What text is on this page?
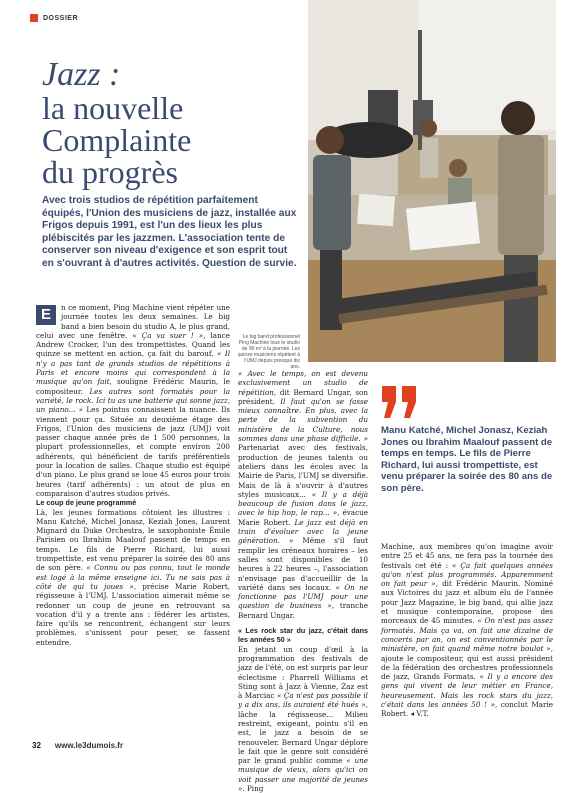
DOSSIER
Jazz :
la nouvelle
Complainte
du progrès
Avec trois studios de répétition parfaitement équipés, l'Union des musiciens de jazz, installée aux Frigos depuis 1991, est l'un des lieux les plus plébiscités par les jazzmen. L'association tente de conserver son niveau d'exigence et son esprit tout en s'ouvrant à d'autres activités. Question de survie.
Le big band professionnel Ping Machine loue le studio de 90 m² à la journée. Les quinze musiciens répètent à l'UMJ depuis presque dix ans.
E	n ce moment, Ping Machine vient répéter une journée toutes les deux semaines. Le big band a bien besoin du studio A, le plus grand, celui avec une fenêtre. « Ça va suer ! », lance Andrew Crocker, l'un des trompettistes. Quand les quinze se mettent en action, ça fait du barouf. « Il n'y a pas tant de grands studios de répétitions à Paris et encore moins qui correspondent à la musique qu'on fait, souligne Frédéric Maurin, le compositeur. Les autres sont formatés pour la variété, le rock. Ici tu as une batterie qui sonne jazz, un piano... » Les pointus connaissent la nuance. Ils viennent pour ça. Située au deuxième étage des Frigos, l'Union des musiciens de jazz (UMJ) voit passer chaque année près de 1 500 personnes, la plupart professionnelles, et compte environ 200 adhérents, qui bénéficient de tarifs préférentiels pour la location de salles. Chaque studio est équipé d'un piano. Le plus grand se loue 45 euros pour trois heures (tarif adhérents) : un atout de plus en comparaison d'autres studios privés.

Le coup de jeune programmé

Là, les jeunes formations côtoient les illustres : Manu Katché, Michel Jonasz, Keziah Jones, Laurent Mignard du Duke Orchestra, le saxophoniste Émile Parisien ou Ibrahim Maalouf passent de temps en temps. Le fils de Pierre Richard, lui aussi trompettiste, est venu préparer la soirée des 80 ans de son père. « Connu ou pas connu, tout le monde est logé à la même enseigne ici. Tu ne sais pas à côté de qui tu joues », précise Marie Robert, régisseuse à l'UMJ. L'association aimerait même se redonner un coup de jeune en retrouvant sa vocation d'il y a trente ans : fédérer les artistes, faire qu'ils se rencontrent, échangent sur leurs problèmes, s'unissent pour peser, se fassent entendre.

« Avec le temps, on est devenu exclusivement un studio de répétition, dit Bernard Ungar, son président. Il faut qu'on se fasse mieux connaître. En plus, avec la perte de la subvention du ministère de la Culture, nous sommes dans une phase difficile. » Partenariat avec des festivals, production de jeunes talents ou ateliers dans les écoles avec la Mairie de Paris, l'UMJ se diversifie. Mais de là à s'ouvrir à d'autres styles musicaux... « Il y a déjà beaucoup de fusion dans le jazz, avec le hip hop, le rap... », évacue Marie Robert. Le jazz est déjà en train d'évoluer avec la jeune génération. » Même s'il faut remplir les créneaux horaires – les salles sont disponibles de 10 heures à 22 heures –, l'association n'envisage pas d'accueillir de la variété dans ses locaux. « On ne fonctionne pas l'UMJ pour une question de business », tranche Bernard Ungar.

« Les rock star du jazz, c'était dans les années 50 »

En jetant un coup d'œil à la programmation des festivals de jazz de l'été, on est surpris par leur éclectisme : Pharrell Williams et Sting sont à Jazz à Vienne, Zaz est à Marciac « Ça n'est pas possible il y a dix ans, ils auraient été hués », lâche la régisseuse... Milieu restreint, exigeant, pointu s'il en est, le jazz a besoin de se renouveler. Bernard Ungar déplore le fait que le genre soit considéré par le grand public comme « une musique de vieux, alors qu'ici on voit passer une majorité de jeunes ». Ping

Manu Katché, Michel Jonasz, Keziah Jones ou Ibrahim Maalouf passent de temps en temps. Le fils de Pierre Richard, lui aussi trompettiste, est venu préparer la soirée des 80 ans de son père.

Machine, aux membres qu'on imagine avoir entre 25 et 45 ans, ne fera pas la tournée des festivals cet été : « Ça fait quelques années qu'on n'est plus programmés. Apparemment on fait peur », dit Frédéric Maurin. Nominé aux Victoires du jazz et album élu de l'année pour Jazz Magazine, le big band, qui allie jazz et musique contemporaine, propose des morceaux de 45 minutes. « On n'est pas assez formatés. Mais ça va, on fait une dizaine de concerts par an, on est conventionnés par le ministère, on fait quand même notre boulot », ajoute le compositeur, qui est aussi président de la fédération des orchestres professionnels de jazz, Grands Formats. « Il y a encore des gens qui vivent de leur métier en France, heureusement. Mais les rock stars du jazz, c'était dans les années 50 ! », conclut Marie Robert. ◂ V.T.

32 www.le3dumois.fr
